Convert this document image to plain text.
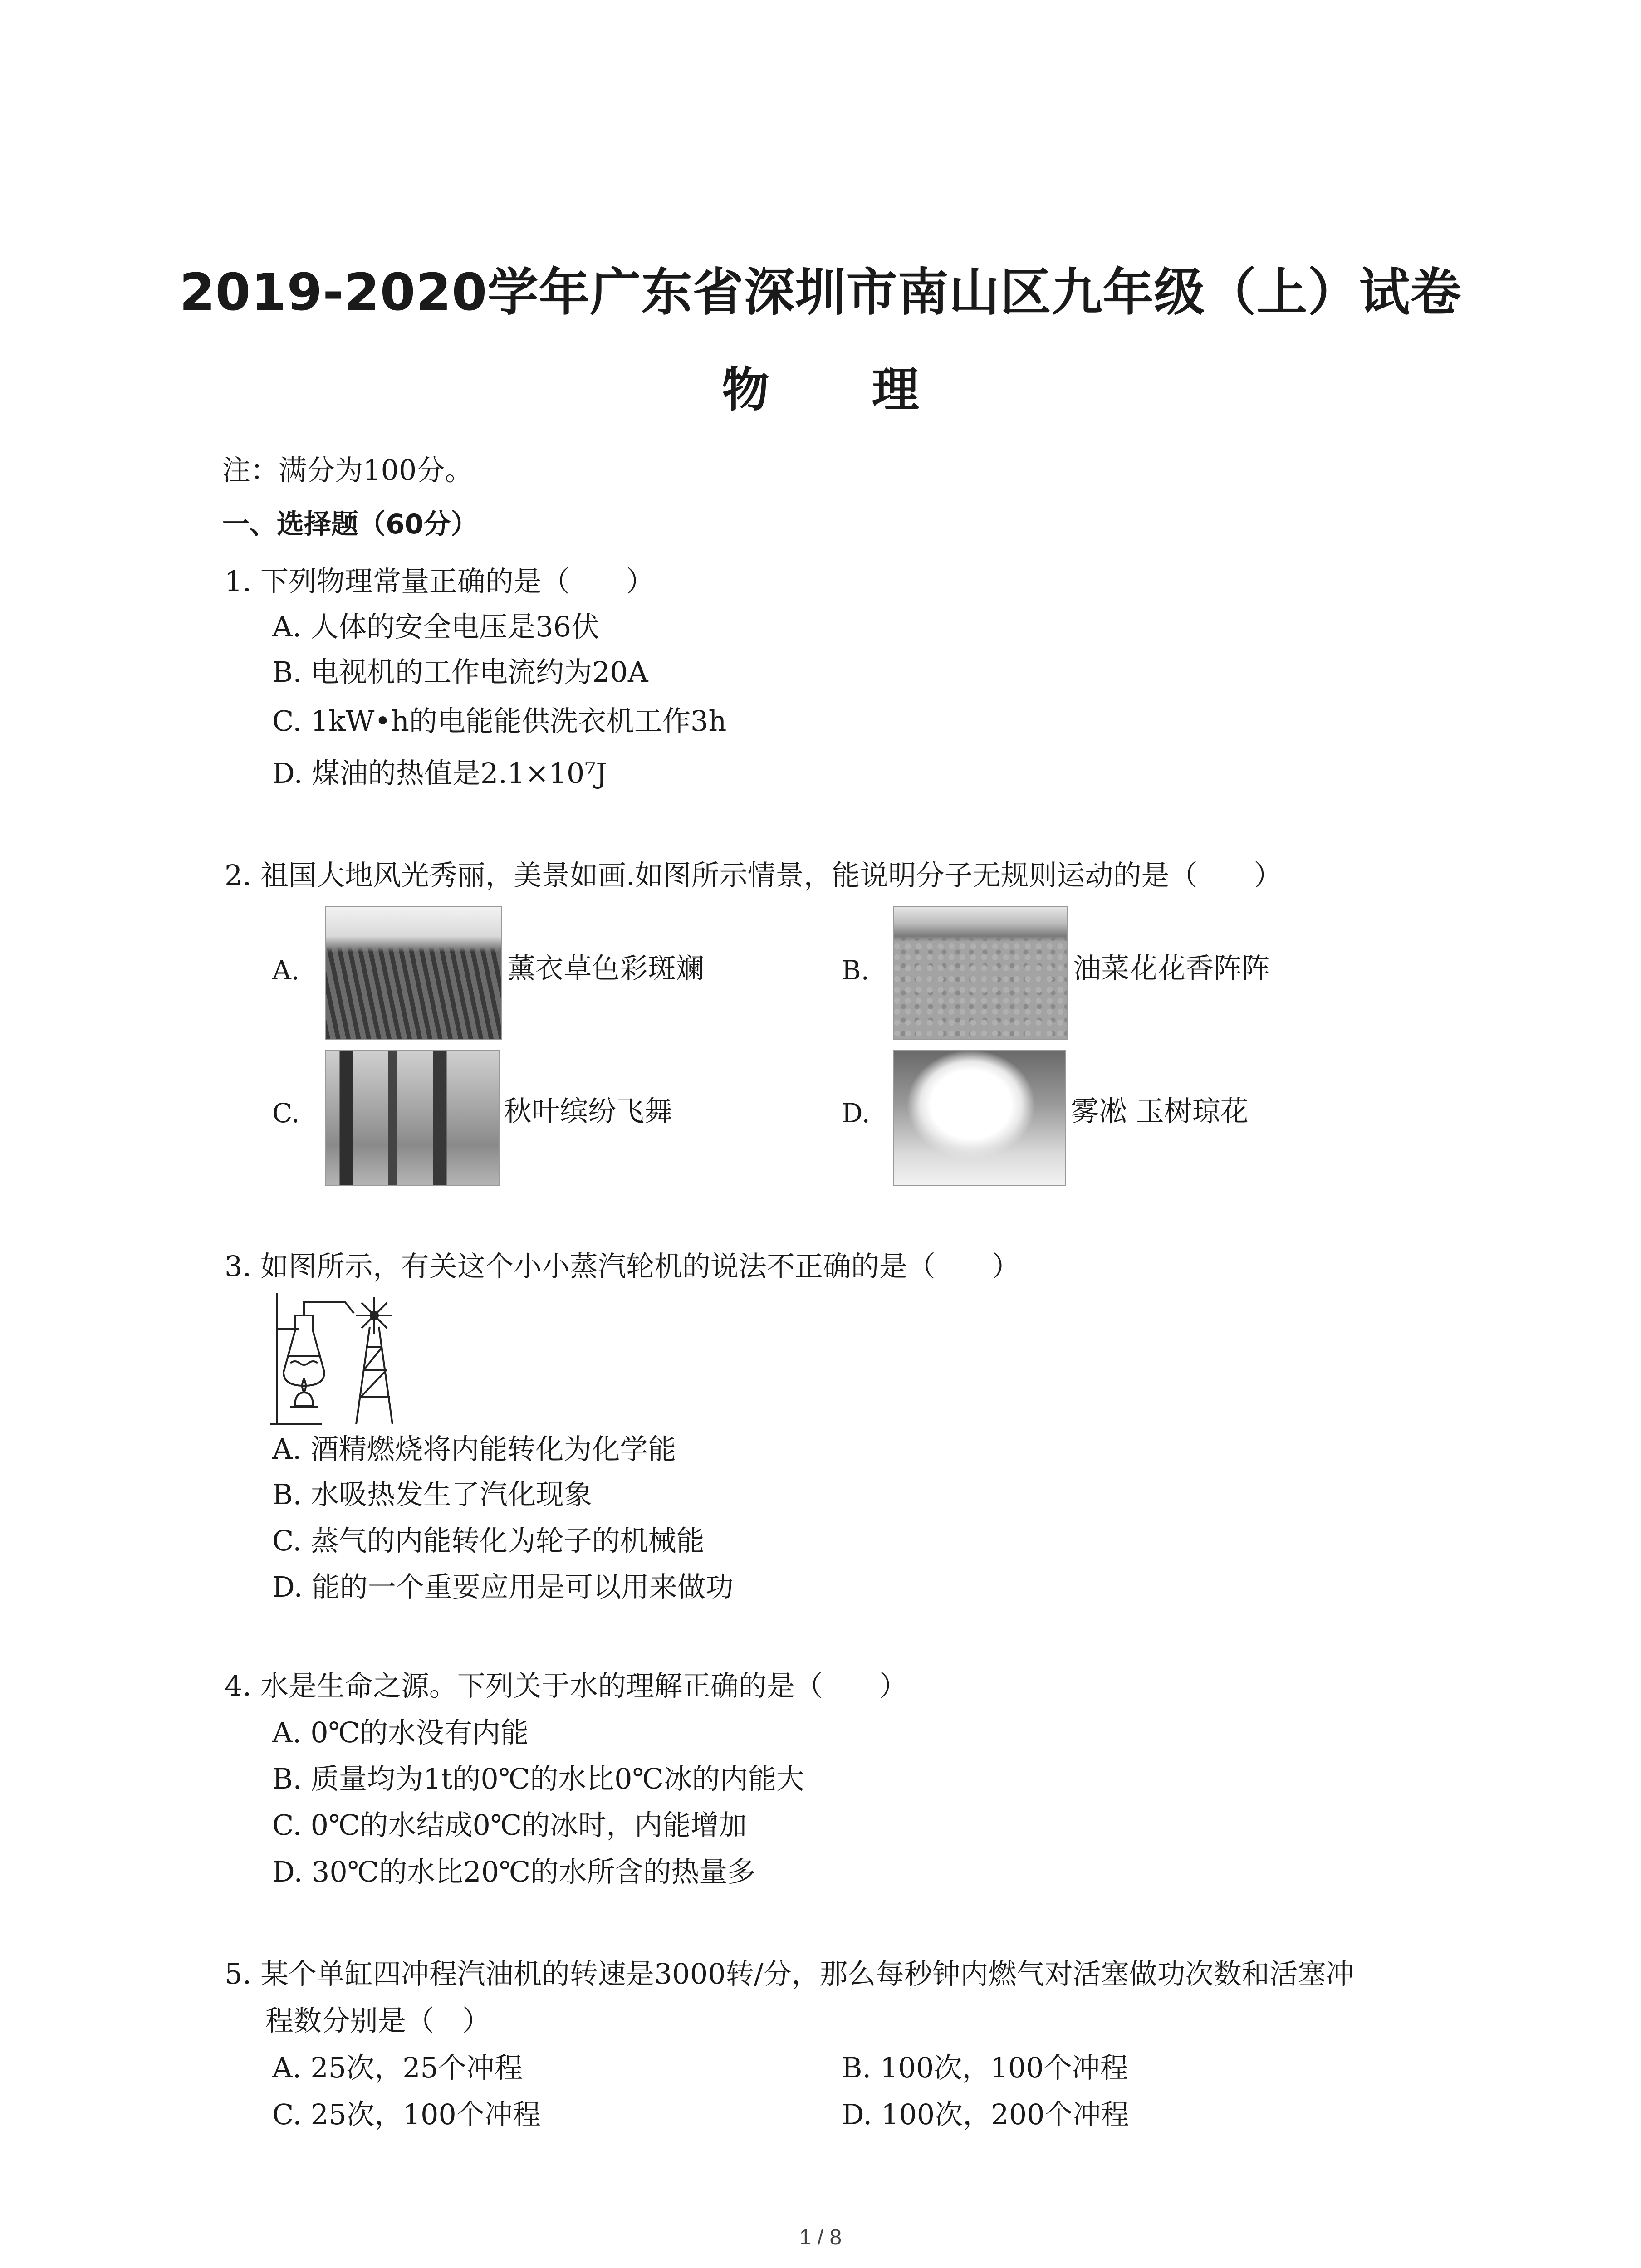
2019-2020学年广东省深圳市南山区九年级（上）试卷
物 理
注：满分为100分。
一、选择题（60分）
1. 下列物理常量正确的是（　　）
A. 人体的安全电压是36伏
B. 电视机的工作电流约为20A
C. 1kW•h的电能能供洗衣机工作3h
D. 煤油的热值是2.1×10⁷J
2. 祖国大地风光秀丽，美景如画.如图所示情景，能说明分子无规则运动的是（　　）
A.	薰衣草色彩斑斓	B.	油菜花花香阵阵
C.	秋叶缤纷飞舞	D.	雾凇 玉树琼花
3. 如图所示，有关这个小小蒸汽轮机的说法不正确的是（　　）
A. 酒精燃烧将内能转化为化学能
B. 水吸热发生了汽化现象
C. 蒸气的内能转化为轮子的机械能
D. 能的一个重要应用是可以用来做功
4. 水是生命之源。下列关于水的理解正确的是（　　）
A. 0℃的水没有内能
B. 质量均为1t的0℃的水比0℃冰的内能大
C. 0℃的水结成0℃的冰时，内能增加
D. 30℃的水比20℃的水所含的热量多
5. 某个单缸四冲程汽油机的转速是3000转/分，那么每秒钟内燃气对活塞做功次数和活塞冲
程数分别是（　）
A. 25次，25个冲程	B. 100次，100个冲程
C. 25次，100个冲程	D. 100次，200个冲程
1 / 8
